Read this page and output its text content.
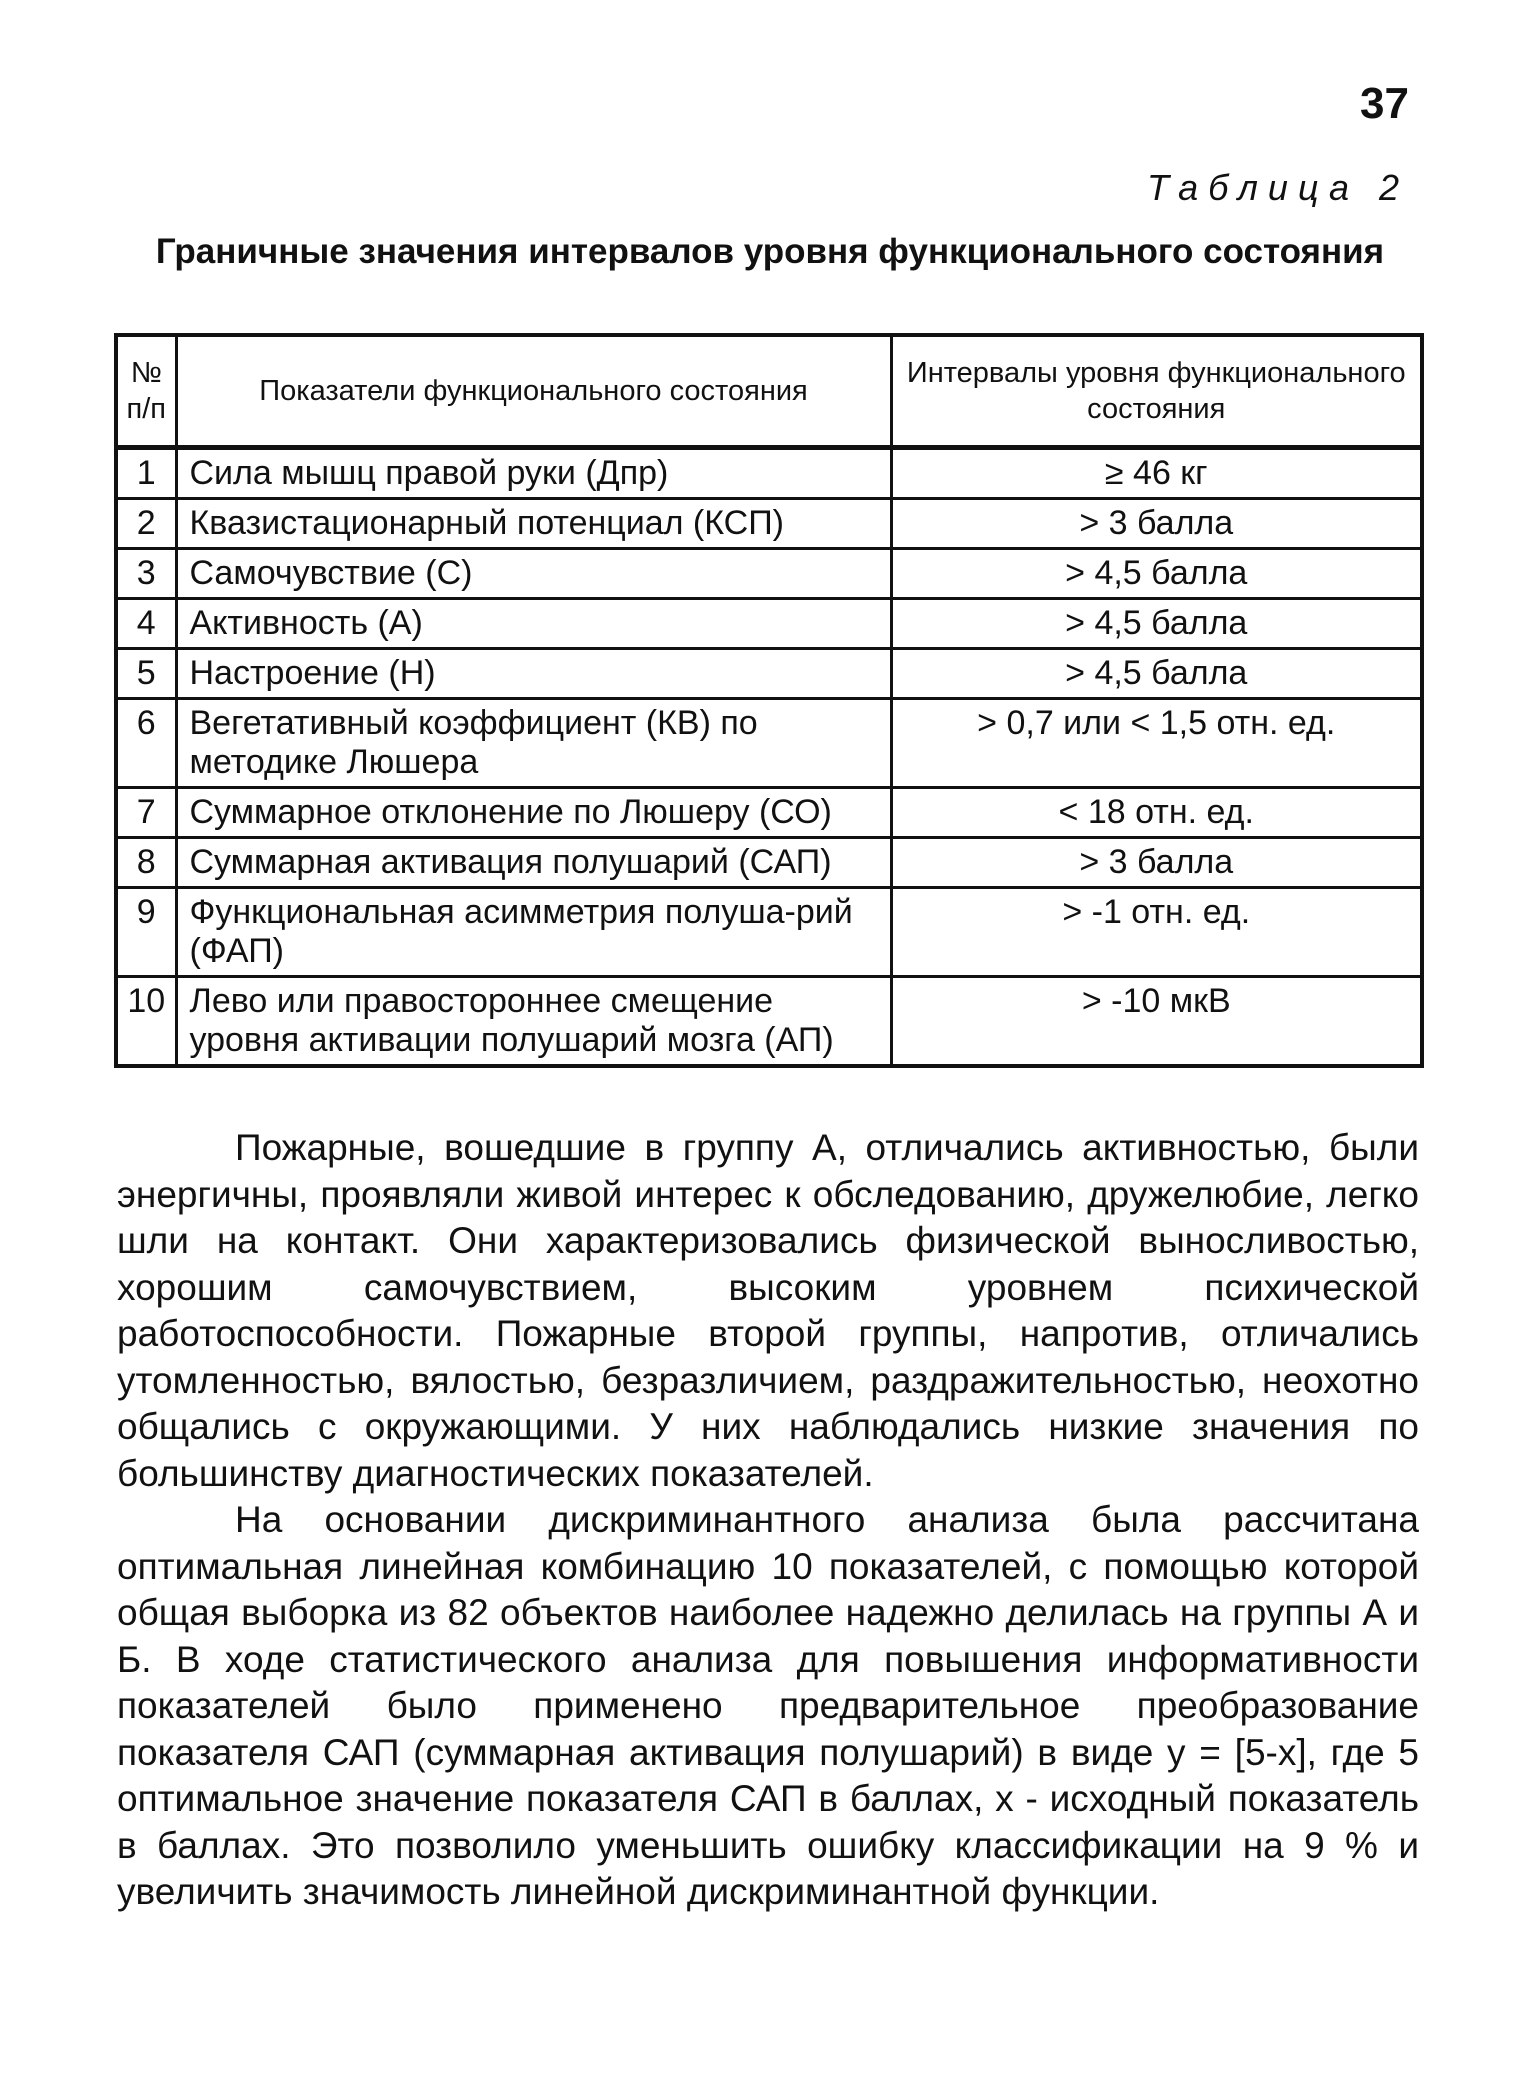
37
Таблица 2
Граничные значения интервалов уровня функционального состояния
№ п/п	Показатели функционального состояния	Интервалы уровня функционального состояния
1	Сила мышц правой руки (Дпр)	≥ 46 кг
2	Квазистационарный потенциал (КСП)	> 3 балла
3	Самочувствие (С)	> 4,5 балла
4	Активность (А)	> 4,5 балла
5	Настроение (Н)	> 4,5 балла
6	Вегетативный коэффициент (КВ) по методике Люшера	> 0,7 или < 1,5 отн. ед.
7	Суммарное отклонение по Люшеру (СО)	< 18 отн. ед.
8	Суммарная активация полушарий (САП)	> 3 балла
9	Функциональная асимметрия полуша-рий (ФАП)	> -1 отн. ед.
10	Лево или правостороннее смещение уровня активации полушарий мозга (АП)	> -10 мкВ

Пожарные, вошедшие в группу А, отличались активностью, были энергичны, проявляли живой интерес к обследованию, дружелюбие, легко шли на контакт. Они характеризовались физической выносливостью, хорошим самочувствием, высоким уровнем психической работоспособности. Пожарные второй группы, напротив, отличались утомленностью, вялостью, безразличием, раздражительностью, неохотно общались с окружающими. У них наблюдались низкие значения по большинству диагностических показателей.

На основании дискриминантного анализа была рассчитана оптимальная линейная комбинацию 10 показателей, с помощью которой общая выборка из 82 объектов наиболее надежно делилась на группы А и Б. В ходе статистического анализа для повышения информативности показателей было применено предварительное преобразование показателя САП (суммарная активация полушарий) в виде y = [5-x], где 5 оптимальное значение показателя САП в баллах, x - исходный показатель в баллах. Это позволило уменьшить ошибку классификации на 9 % и увеличить значимость линейной дискриминантной функции.
